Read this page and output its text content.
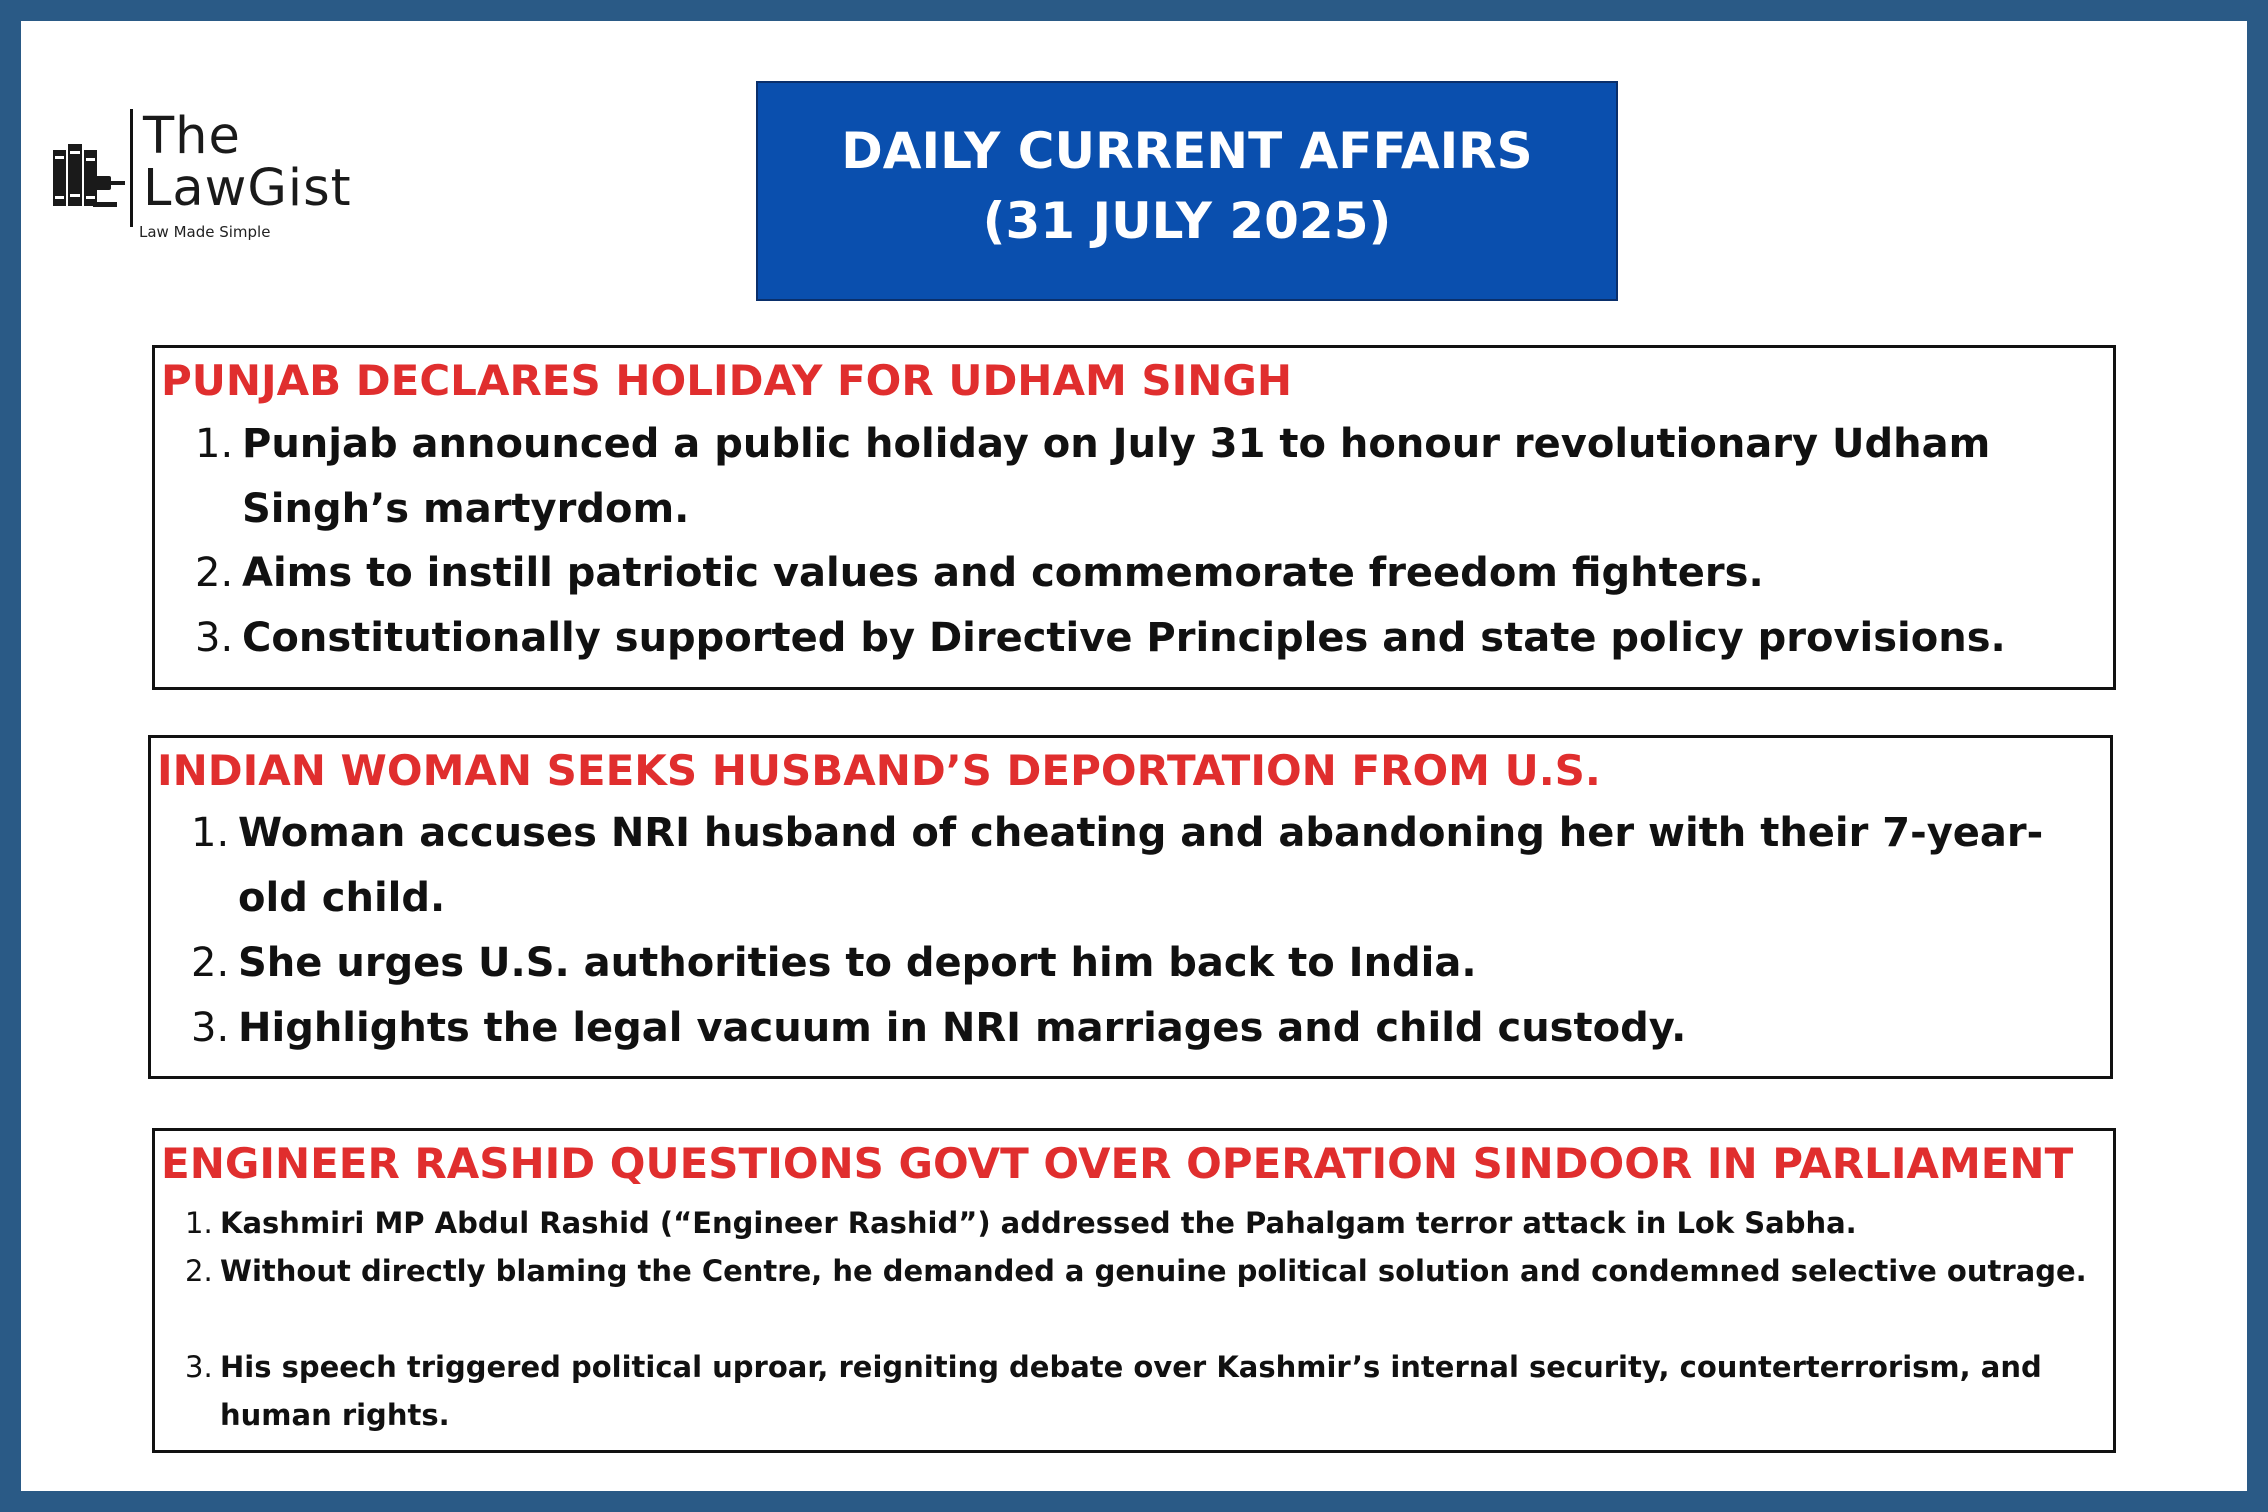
The
LawGist
Law Made Simple
DAILY CURRENT AFFAIRS
(31 JULY 2025)
PUNJAB DECLARES HOLIDAY FOR UDHAM SINGH
1. Punjab announced a public holiday on July 31 to honour revolutionary Udham Singh’s martyrdom.
2. Aims to instill patriotic values and commemorate freedom fighters.
3. Constitutionally supported by Directive Principles and state policy provisions.
INDIAN WOMAN SEEKS HUSBAND’S DEPORTATION FROM U.S.
1. Woman accuses NRI husband of cheating and abandoning her with their 7-year-old child.
2. She urges U.S. authorities to deport him back to India.
3. Highlights the legal vacuum in NRI marriages and child custody.
ENGINEER RASHID QUESTIONS GOVT OVER OPERATION SINDOOR IN PARLIAMENT
1. Kashmiri MP Abdul Rashid (“Engineer Rashid”) addressed the Pahalgam terror attack in Lok Sabha.
2. Without directly blaming the Centre, he demanded a genuine political solution and condemned selective outrage.
3. His speech triggered political uproar, reigniting debate over Kashmir’s internal security, counterterrorism, and human rights.
